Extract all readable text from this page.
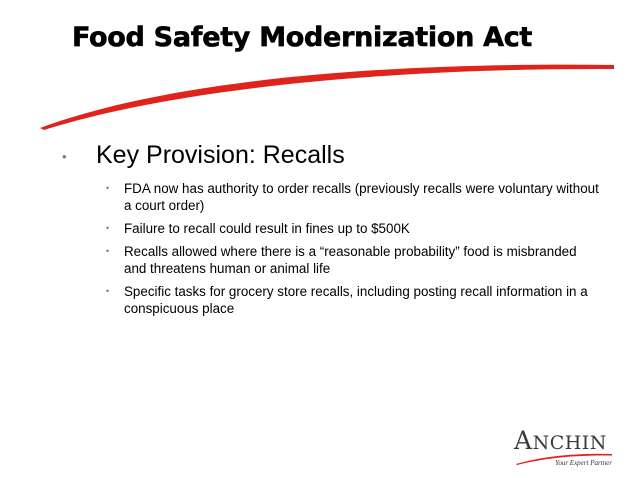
Food Safety Modernization Act
• Key Provision: Recalls
• FDA now has authority to order recalls (previously recalls were voluntary without a court order)
• Failure to recall could result in fines up to $500K
• Recalls allowed where there is a “reasonable probability” food is misbranded and threatens human or animal life
• Specific tasks for grocery store recalls, including posting recall information in a conspicuous place
ANCHIN
Your Expert Partner
